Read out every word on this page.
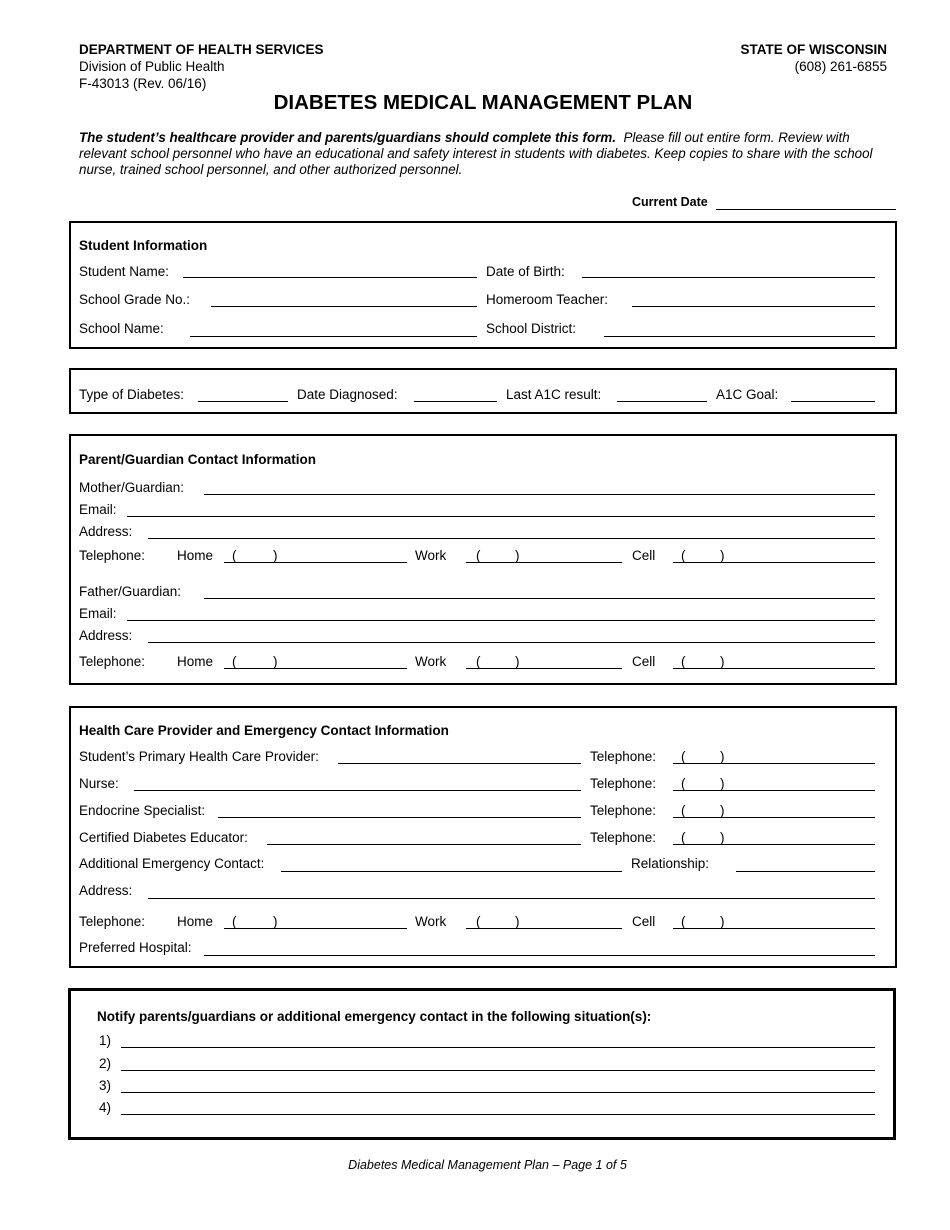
DEPARTMENT OF HEALTH SERVICES
Division of Public Health
F-43013 (Rev. 06/16)
STATE OF WISCONSIN
(608) 261-6855
DIABETES MEDICAL MANAGEMENT PLAN
The student’s healthcare provider and parents/guardians should complete this form. Please fill out entire form. Review with relevant school personnel who have an educational and safety interest in students with diabetes. Keep copies to share with the school nurse, trained school personnel, and other authorized personnel.
Current Date
Student Information
Student Name:	Date of Birth:
School Grade No.:	Homeroom Teacher:
School Name:	School District:
Type of Diabetes:	Date Diagnosed:	Last A1C result:	A1C Goal:
Parent/Guardian Contact Information
Mother/Guardian:
Email:
Address:
Telephone: Home (	)	Work (	)	Cell (	)
Father/Guardian:
Email:
Address:
Telephone: Home (	)	Work (	)	Cell (	)
Health Care Provider and Emergency Contact Information
Student’s Primary Health Care Provider:	Telephone: (	)
Nurse:	Telephone: (	)
Endocrine Specialist:	Telephone: (	)
Certified Diabetes Educator:	Telephone: (	)
Additional Emergency Contact:	Relationship:
Address:
Telephone: Home (	)	Work (	)	Cell (	)
Preferred Hospital:
Notify parents/guardians or additional emergency contact in the following situation(s):
1)
2)
3)
4)
Diabetes Medical Management Plan – Page 1 of 5
